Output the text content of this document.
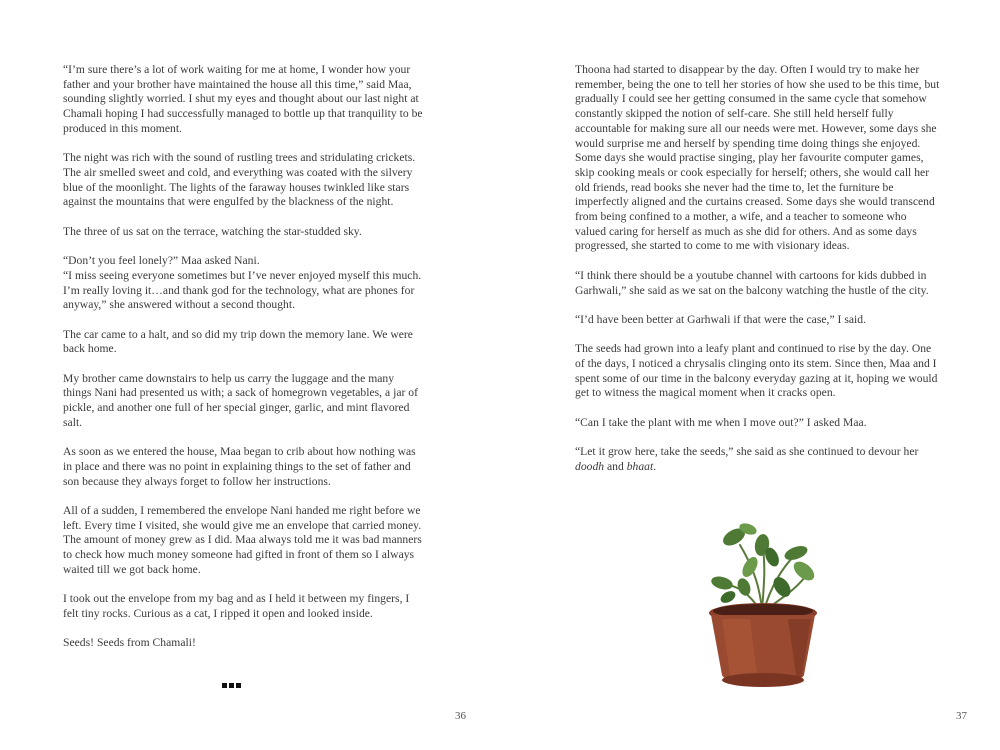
“I’m sure there’s a lot of work waiting for me at home, I wonder how your father and your brother have maintained the house all this time,” said Maa, sounding slightly worried. I shut my eyes and thought about our last night at Chamali hoping I had successfully managed to bottle up that tranquility to be produced in this moment.

The night was rich with the sound of rustling trees and stridulating crickets. The air smelled sweet and cold, and everything was coated with the silvery blue of the moonlight. The lights of the faraway houses twinkled like stars against the mountains that were engulfed by the blackness of the night.

The three of us sat on the terrace, watching the star-studded sky.

“Don’t you feel lonely?” Maa asked Nani.

“I miss seeing everyone sometimes but I’ve never enjoyed myself this much. I’m really loving it…and thank god for the technology, what are phones for anyway,” she answered without a second thought.

The car came to a halt, and so did my trip down the memory lane. We were back home.

My brother came downstairs to help us carry the luggage and the many things Nani had presented us with; a sack of homegrown vegetables, a jar of pickle, and another one full of her special ginger, garlic, and mint flavored salt.

As soon as we entered the house, Maa began to crib about how nothing was in place and there was no point in explaining things to the set of father and son because they always forget to follow her instructions.

All of a sudden, I remembered the envelope Nani handed me right before we left. Every time I visited, she would give me an envelope that carried money. The amount of money grew as I did. Maa always told me it was bad manners to check how much money someone had gifted in front of them so I always waited till we got back home.

I took out the envelope from my bag and as I held it between my fingers, I felt tiny rocks. Curious as a cat, I ripped it open and looked inside.

Seeds! Seeds from Chamali!

36

Thoona had started to disappear by the day. Often I would try to make her remember, being the one to tell her stories of how she used to be this time, but gradually I could see her getting consumed in the same cycle that somehow constantly skipped the notion of self-care. She still held herself fully accountable for making sure all our needs were met. However, some days she would surprise me and herself by spending time doing things she enjoyed. Some days she would practise singing, play her favourite computer games, skip cooking meals or cook especially for herself; others, she would call her old friends, read books she never had the time to, let the furniture be imperfectly aligned and the curtains creased. Some days she would transcend from being confined to a mother, a wife, and a teacher to someone who valued caring for herself as much as she did for others. And as some days progressed, she started to come to me with visionary ideas.

“I think there should be a youtube channel with cartoons for kids dubbed in Garhwali,” she said as we sat on the balcony watching the hustle of the city.

“I’d have been better at Garhwali if that were the case,” I said.

The seeds had grown into a leafy plant and continued to rise by the day. One of the days, I noticed a chrysalis clinging onto its stem. Since then, Maa and I spent some of our time in the balcony everyday gazing at it, hoping we would get to witness the magical moment when it cracks open.

“Can I take the plant with me when I move out?” I asked Maa.

“Let it grow here, take the seeds,” she said as she continued to devour her doodh and bhaat.

37
